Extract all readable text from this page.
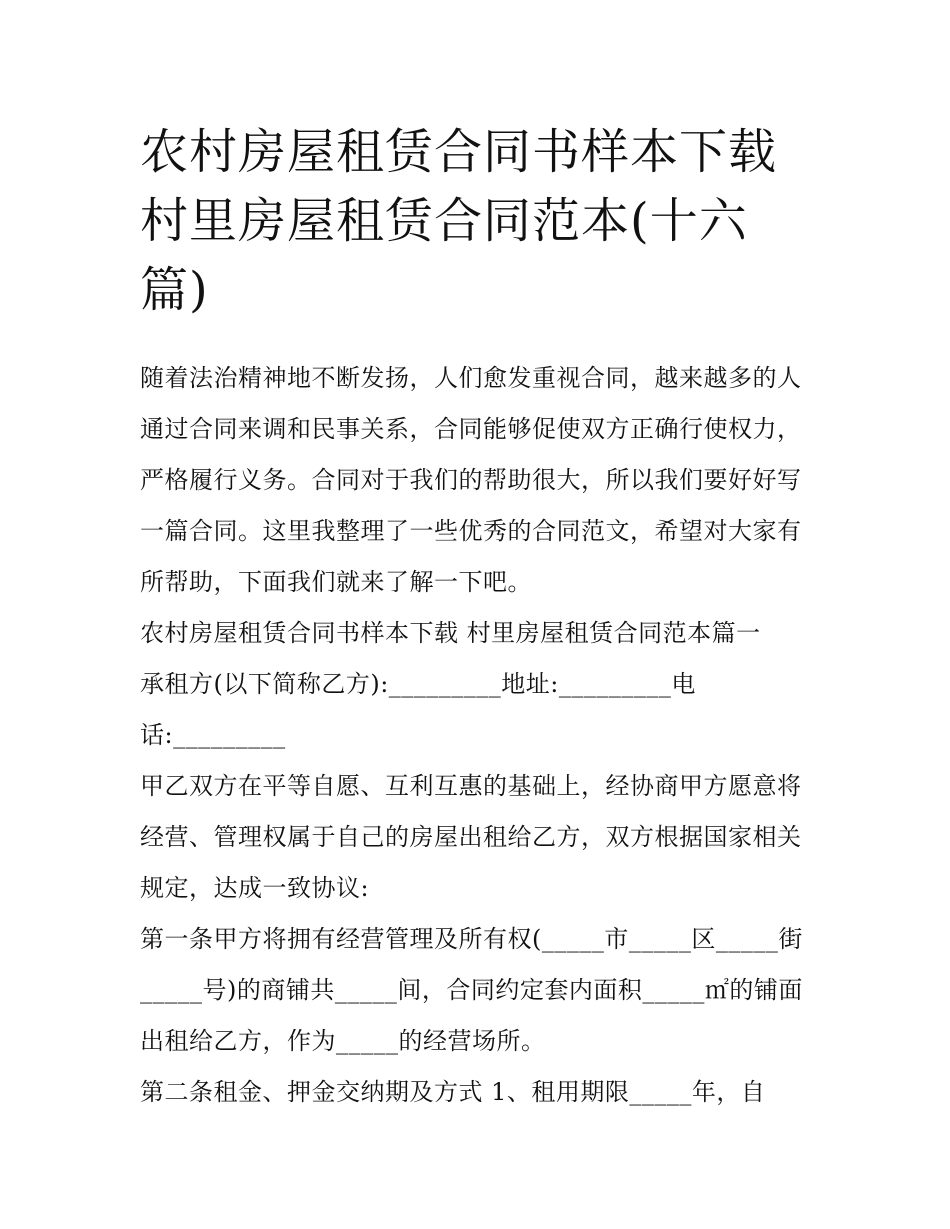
农村房屋租赁合同书样本下载
村里房屋租赁合同范本(十六
篇)
随着法治精神地不断发扬，人们愈发重视合同，越来越多的人
通过合同来调和民事关系，合同能够促使双方正确行使权力，
严格履行义务。合同对于我们的帮助很大，所以我们要好好写
一篇合同。这里我整理了一些优秀的合同范文，希望对大家有
所帮助，下面我们就来了解一下吧。
农村房屋租赁合同书样本下载 村里房屋租赁合同范本篇一
承租方(以下简称乙方):_________地址:_________电
话:_________
甲乙双方在平等自愿、互利互惠的基础上，经协商甲方愿意将
经营、管理权属于自己的房屋出租给乙方，双方根据国家相关
规定，达成一致协议:
第一条甲方将拥有经营管理及所有权(_____市_____区_____街
_____号)的商铺共_____间，合同约定套内面积_____㎡的铺面
出租给乙方，作为_____的经营场所。
第二条租金、押金交纳期及方式 1、租用期限_____年，自
